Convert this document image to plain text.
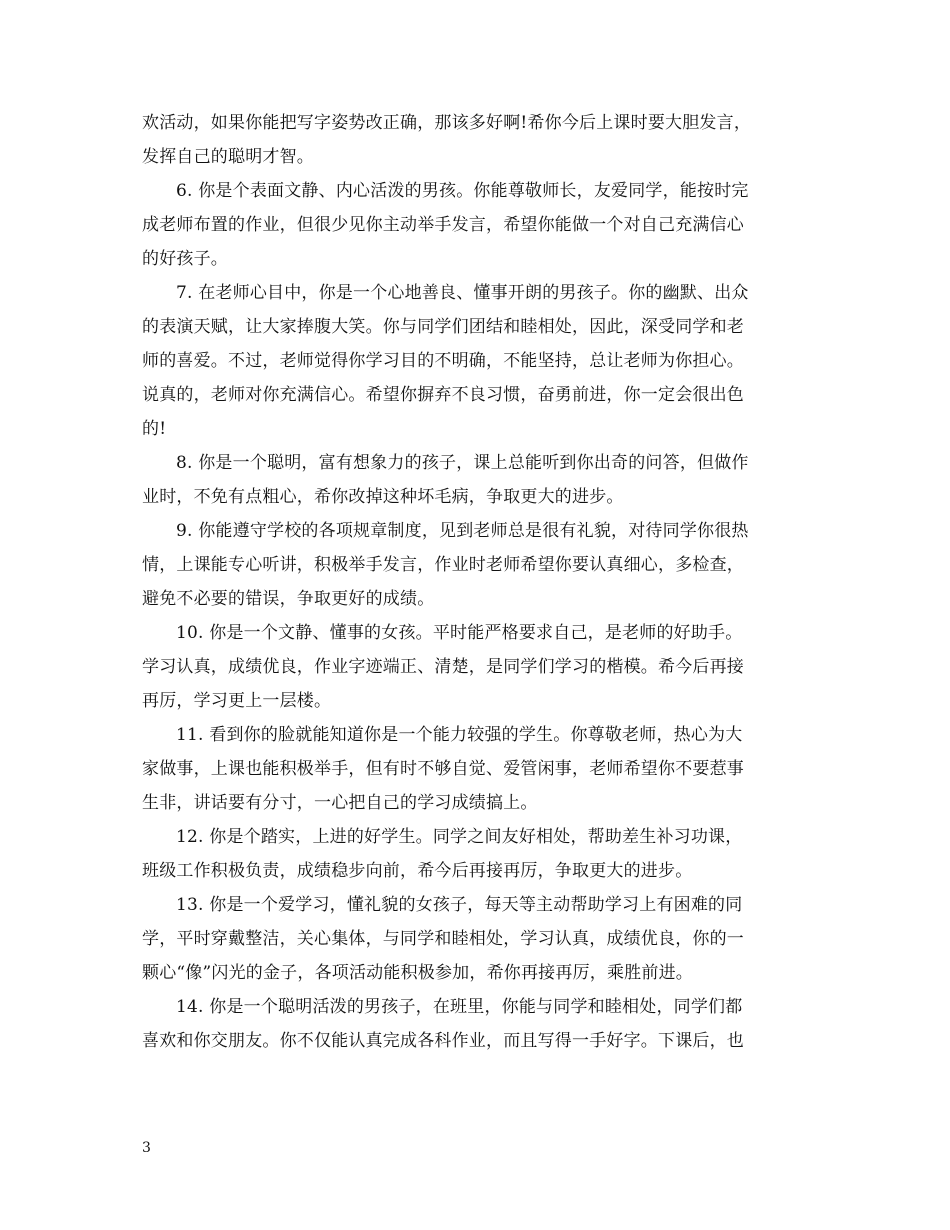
欢活动，如果你能把写字姿势改正确，那该多好啊!希你今后上课时要大胆发言，
发挥自己的聪明才智。
6. 你是个表面文静、内心活泼的男孩。你能尊敬师长，友爱同学，能按时完
成老师布置的作业，但很少见你主动举手发言，希望你能做一个对自己充满信心
的好孩子。
7. 在老师心目中，你是一个心地善良、懂事开朗的男孩子。你的幽默、出众
的表演天赋，让大家捧腹大笑。你与同学们团结和睦相处，因此，深受同学和老
师的喜爱。不过，老师觉得你学习目的不明确，不能坚持，总让老师为你担心。
说真的，老师对你充满信心。希望你摒弃不良习惯，奋勇前进，你一定会很出色
的!
8. 你是一个聪明，富有想象力的孩子，课上总能听到你出奇的问答，但做作
业时，不免有点粗心，希你改掉这种坏毛病，争取更大的进步。
9. 你能遵守学校的各项规章制度，见到老师总是很有礼貌，对待同学你很热
情，上课能专心听讲，积极举手发言，作业时老师希望你要认真细心，多检查，
避免不必要的错误，争取更好的成绩。
10. 你是一个文静、懂事的女孩。平时能严格要求自己，是老师的好助手。
学习认真，成绩优良，作业字迹端正、清楚，是同学们学习的楷模。希今后再接
再厉，学习更上一层楼。
11. 看到你的脸就能知道你是一个能力较强的学生。你尊敬老师，热心为大
家做事，上课也能积极举手，但有时不够自觉、爱管闲事，老师希望你不要惹事
生非，讲话要有分寸，一心把自己的学习成绩搞上。
12. 你是个踏实，上进的好学生。同学之间友好相处，帮助差生补习功课，
班级工作积极负责，成绩稳步向前，希今后再接再厉，争取更大的进步。
13. 你是一个爱学习，懂礼貌的女孩子，每天等主动帮助学习上有困难的同
学，平时穿戴整洁，关心集体，与同学和睦相处，学习认真，成绩优良，你的一
颗心“像”闪光的金子，各项活动能积极参加，希你再接再厉，乘胜前进。
14. 你是一个聪明活泼的男孩子，在班里，你能与同学和睦相处，同学们都
喜欢和你交朋友。你不仅能认真完成各科作业，而且写得一手好字。下课后，也
3
